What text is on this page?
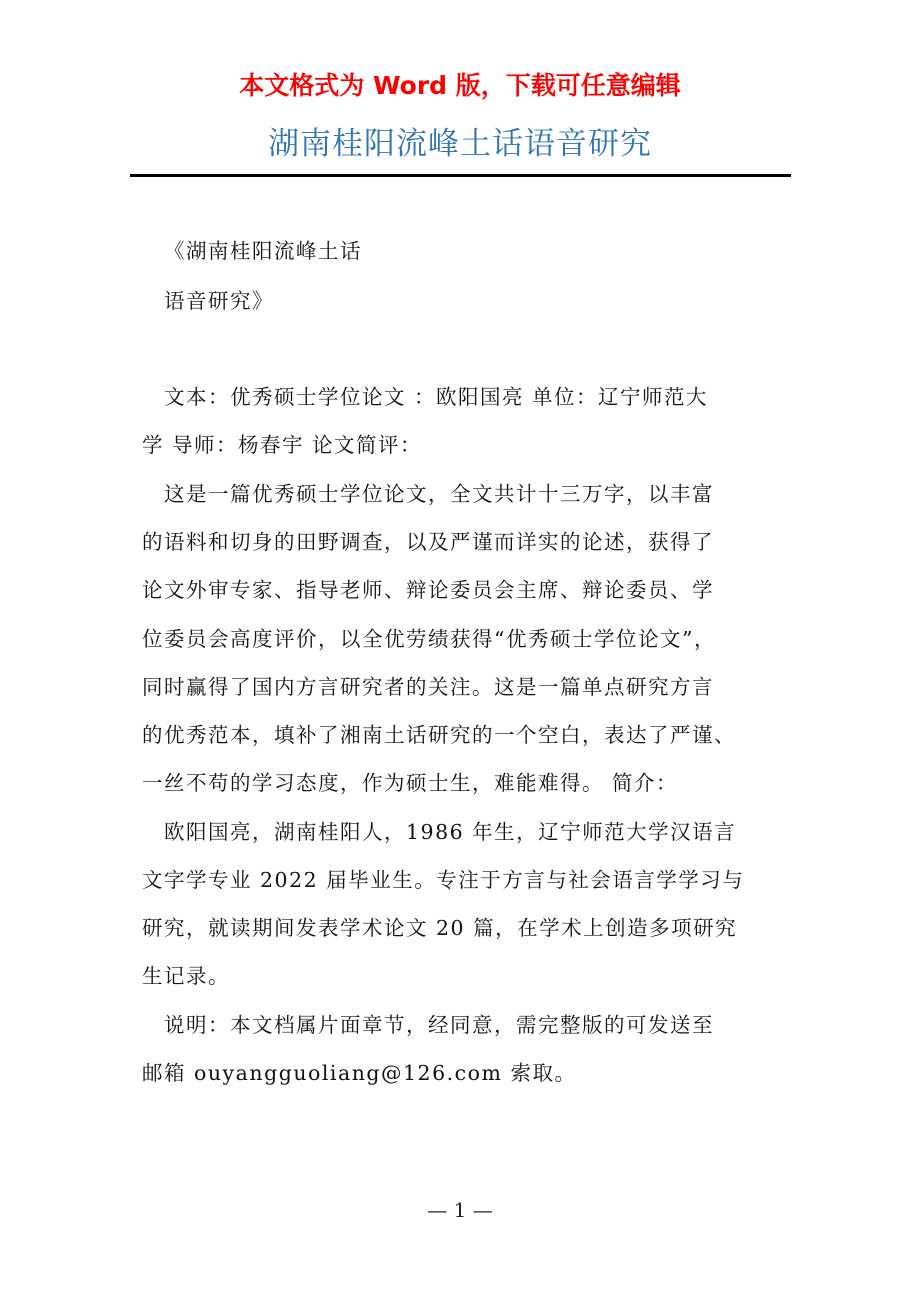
本文格式为 Word 版，下载可任意编辑
湖南桂阳流峰土话语音研究
《湖南桂阳流峰土话
语音研究》
文本：优秀硕士学位论文 ：欧阳国亮 单位：辽宁师范大
学 导师：杨春宇 论文简评：
这是一篇优秀硕士学位论文，全文共计十三万字，以丰富
的语料和切身的田野调查，以及严谨而详实的论述，获得了
论文外审专家、指导老师、辩论委员会主席、辩论委员、学
位委员会高度评价，以全优劳绩获得“优秀硕士学位论文”，
同时赢得了国内方言研究者的关注。这是一篇单点研究方言
的优秀范本，填补了湘南土话研究的一个空白，表达了严谨、
一丝不苟的学习态度，作为硕士生，难能难得。 简介：
欧阳国亮，湖南桂阳人，1986 年生，辽宁师范大学汉语言
文字学专业 2022 届毕业生。专注于方言与社会语言学学习与
研究，就读期间发表学术论文 20 篇，在学术上创造多项研究
生记录。
说明：本文档属片面章节，经同意，需完整版的可发送至
邮箱 ouyangguoliang@126.com 索取。
— 1 —
